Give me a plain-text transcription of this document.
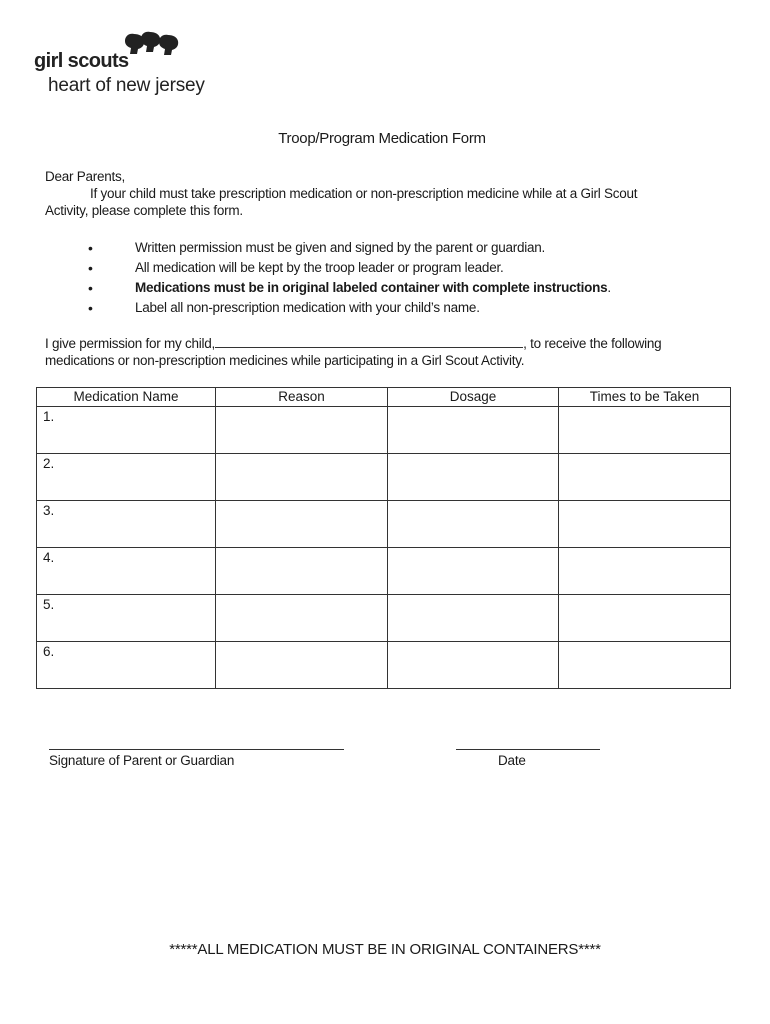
girl scouts
heart of new jersey
Troop/Program Medication Form
Dear Parents,
If your child must take prescription medication or non-prescription medicine while at a Girl Scout
Activity, please complete this form.
•	Written permission must be given and signed by the parent or guardian.
•	All medication will be kept by the troop leader or program leader.
•	Medications must be in original labeled container with complete instructions.
•	Label all non-prescription medication with your child’s name.
I give permission for my child,	, to receive the following
medications or non-prescription medicines while participating in a Girl Scout Activity.
Medication Name	Reason	Dosage	Times to be Taken
1.			
2.			
3.			
4.			
5.			
6.			
Signature of Parent or Guardian	Date
*****ALL MEDICATION MUST BE IN ORIGINAL CONTAINERS****
